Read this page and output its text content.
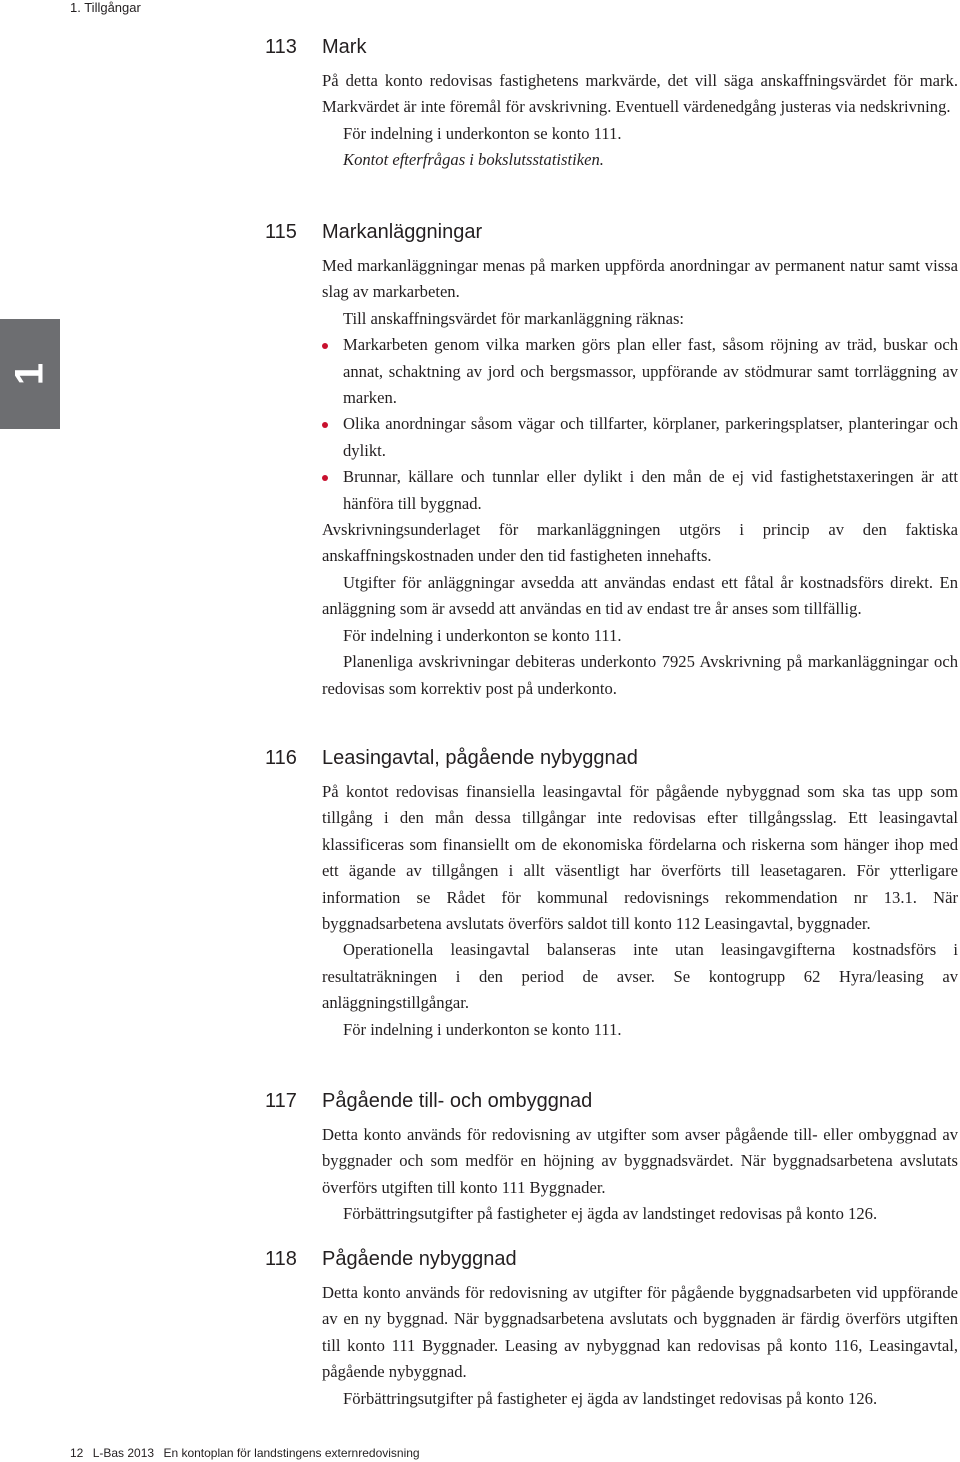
1. Tillgångar
1
113	Mark

På detta konto redovisas fastighetens markvärde, det vill säga anskaffningsvärdet för mark. Markvärdet är inte föremål för avskrivning. Eventuell värdenedgång justeras via nedskrivning.

För indelning i underkonton se konto 111.

Kontot efterfrågas i bokslutsstatistiken.

115	Markanläggningar

Med markanläggningar menas på marken uppförda anordningar av permanent natur samt vissa slag av markarbeten.

Till anskaffningsvärdet för markanläggning räknas:

Markarbeten genom vilka marken görs plan eller fast, såsom röjning av träd, buskar och annat, schaktning av jord och bergsmassor, uppförande av stödmurar samt torrläggning av marken.
Olika anordningar såsom vägar och tillfarter, körplaner, parkeringsplatser, planteringar och dylikt.
Brunnar, källare och tunnlar eller dylikt i den mån de ej vid fastighetstaxeringen är att hänföra till byggnad.

Avskrivningsunderlaget för markanläggningen utgörs i princip av den faktiska anskaffningskostnaden under den tid fastigheten innehafts.

Utgifter för anläggningar avsedda att användas endast ett fåtal år kostnadsförs direkt. En anläggning som är avsedd att användas en tid av endast tre år anses som tillfällig.

För indelning i underkonton se konto 111.

Planenliga avskrivningar debiteras underkonto 7925 Avskrivning på markanläggningar och redovisas som korrektiv post på underkonto.

116	Leasingavtal, pågående nybyggnad

På kontot redovisas finansiella leasingavtal för pågående nybyggnad som ska tas upp som tillgång i den mån dessa tillgångar inte redovisas efter tillgångsslag. Ett leasingavtal klassificeras som finansiellt om de ekonomiska fördelarna och riskerna som hänger ihop med ett ägande av tillgången i allt väsentligt har överförts till leasetagaren. För ytterligare information se Rådet för kommunal redovisnings rekommendation nr 13.1. När byggnadsarbetena avslutats överförs saldot till konto 112 Leasingavtal, byggnader.

Operationella leasingavtal balanseras inte utan leasingavgifterna kostnadsförs i resultaträkningen i den period de avser. Se kontogrupp 62 Hyra/leasing av anläggningstillgångar.

För indelning i underkonton se konto 111.

117	Pågående till- och ombyggnad

Detta konto används för redovisning av utgifter som avser pågående till- eller ombyggnad av byggnader och som medför en höjning av byggnadsvärdet. När byggnadsarbetena avslutats överförs utgiften till konto 111 Byggnader.

Förbättringsutgifter på fastigheter ej ägda av landstinget redovisas på konto 126.

118	Pågående nybyggnad

Detta konto används för redovisning av utgifter för pågående byggnadsarbeten vid uppförande av en ny byggnad. När byggnadsarbetena avslutats och byggnaden är färdig överförs utgiften till konto 111 Byggnader. Leasing av nybyggnad kan redovisas på konto 116, Leasingavtal, pågående nybyggnad.

Förbättringsutgifter på fastigheter ej ägda av landstinget redovisas på konto 126.

12 L-Bas 2013 En kontoplan för landstingens externredovisning
